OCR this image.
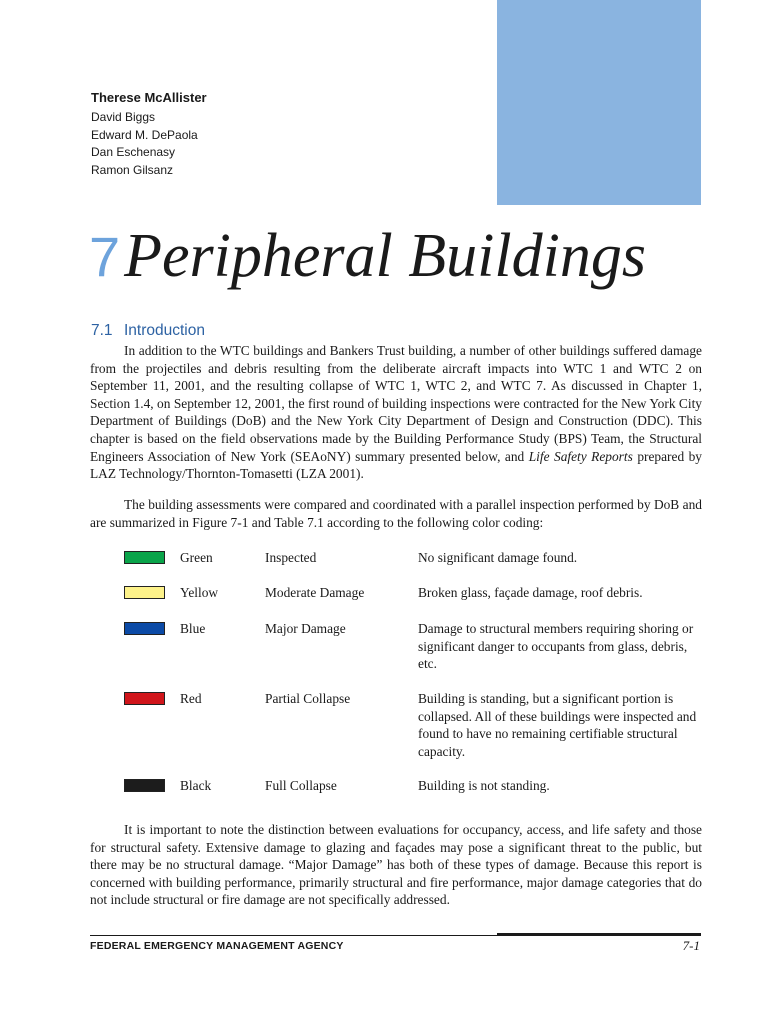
Therese McAllister
David Biggs
Edward M. DePaola
Dan Eschenasy
Ramon Gilsanz
7Peripheral Buildings
7.1 Introduction
In addition to the WTC buildings and Bankers Trust building, a number of other buildings suffered damage from the projectiles and debris resulting from the deliberate aircraft impacts into WTC 1 and WTC 2 on September 11, 2001, and the resulting collapse of WTC 1, WTC 2, and WTC 7. As discussed in Chapter 1, Section 1.4, on September 12, 2001, the first round of building inspections were contracted for the New York City Department of Buildings (DoB) and the New York City Department of Design and Construction (DDC). This chapter is based on the field observations made by the Building Performance Study (BPS) Team, the Structural Engineers Association of New York (SEAoNY) summary presented below, and Life Safety Reports prepared by LAZ Technology/Thornton-Tomasetti (LZA 2001).
The building assessments were compared and coordinated with a parallel inspection performed by DoB and are summarized in Figure 7-1 and Table 7.1 according to the following color coding:
Green	Inspected	No significant damage found.
Yellow	Moderate Damage	Broken glass, façade damage, roof debris.
Blue	Major Damage	Damage to structural members requiring shoring or significant danger to occupants from glass, debris, etc.
Red	Partial Collapse	Building is standing, but a significant portion is collapsed. All of these buildings were inspected and found to have no remaining certifiable structural capacity.
Black	Full Collapse	Building is not standing.
It is important to note the distinction between evaluations for occupancy, access, and life safety and those for structural safety. Extensive damage to glazing and façades may pose a significant threat to the public, but there may be no structural damage. “Major Damage” has both of these types of damage. Because this report is concerned with building performance, primarily structural and fire performance, major damage categories that do not include structural or fire damage are not specifically addressed.
FEDERAL EMERGENCY MANAGEMENT AGENCY	7-1
